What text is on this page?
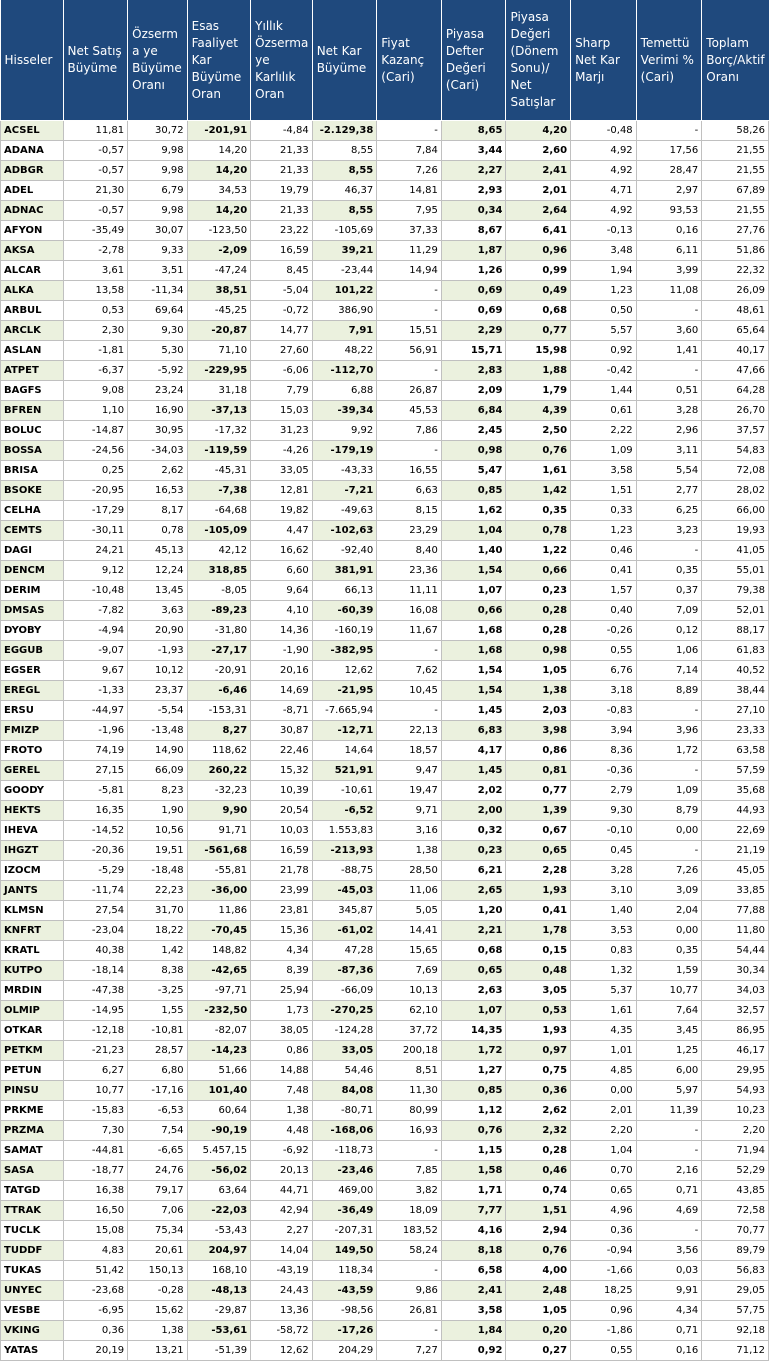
Hisseler	Net Satış Büyüme	Özserma ye Büyüme Oranı	Esas Faaliyet Kar Büyüme Oran	Yıllık Özserma ye Karlılık Oran	Net Kar Büyüme	Fiyat Kazanç (Cari)	Piyasa Defter Değeri (Cari)	Piyasa Değeri (Dönem Sonu)/ Net Satışlar	Sharp Net Kar Marjı	Temettü Verimi % (Cari)	Toplam Borç/Aktif Oranı
ACSEL	11,81	30,72	-201,91	-4,84	-2.129,38	-	8,65	4,20	-0,48	-	58,26
ADANA	-0,57	9,98	14,20	21,33	8,55	7,84	3,44	2,60	4,92	17,56	21,55
ADBGR	-0,57	9,98	14,20	21,33	8,55	7,26	2,27	2,41	4,92	28,47	21,55
ADEL	21,30	6,79	34,53	19,79	46,37	14,81	2,93	2,01	4,71	2,97	67,89
ADNAC	-0,57	9,98	14,20	21,33	8,55	7,95	0,34	2,64	4,92	93,53	21,55
AFYON	-35,49	30,07	-123,50	23,22	-105,69	37,33	8,67	6,41	-0,13	0,16	27,76
AKSA	-2,78	9,33	-2,09	16,59	39,21	11,29	1,87	0,96	3,48	6,11	51,86
ALCAR	3,61	3,51	-47,24	8,45	-23,44	14,94	1,26	0,99	1,94	3,99	22,32
ALKA	13,58	-11,34	38,51	-5,04	101,22	-	0,69	0,49	1,23	11,08	26,09
ARBUL	0,53	69,64	-45,25	-0,72	386,90	-	0,69	0,68	0,50	-	48,61
ARCLK	2,30	9,30	-20,87	14,77	7,91	15,51	2,29	0,77	5,57	3,60	65,64
ASLAN	-1,81	5,30	71,10	27,60	48,22	56,91	15,71	15,98	0,92	1,41	40,17
ATPET	-6,37	-5,92	-229,95	-6,06	-112,70	-	2,83	1,88	-0,42	-	47,66
BAGFS	9,08	23,24	31,18	7,79	6,88	26,87	2,09	1,79	1,44	0,51	64,28
BFREN	1,10	16,90	-37,13	15,03	-39,34	45,53	6,84	4,39	0,61	3,28	26,70
BOLUC	-14,87	30,95	-17,32	31,23	9,92	7,86	2,45	2,50	2,22	2,96	37,57
BOSSA	-24,56	-34,03	-119,59	-4,26	-179,19	-	0,98	0,76	1,09	3,11	54,83
BRISA	0,25	2,62	-45,31	33,05	-43,33	16,55	5,47	1,61	3,58	5,54	72,08
BSOKE	-20,95	16,53	-7,38	12,81	-7,21	6,63	0,85	1,42	1,51	2,77	28,02
CELHA	-17,29	8,17	-64,68	19,82	-49,63	8,15	1,62	0,35	0,33	6,25	66,00
CEMTS	-30,11	0,78	-105,09	4,47	-102,63	23,29	1,04	0,78	1,23	3,23	19,93
DAGI	24,21	45,13	42,12	16,62	-92,40	8,40	1,40	1,22	0,46	-	41,05
DENCM	9,12	12,24	318,85	6,60	381,91	23,36	1,54	0,66	0,41	0,35	55,01
DERIM	-10,48	13,45	-8,05	9,64	66,13	11,11	1,07	0,23	1,57	0,37	79,38
DMSAS	-7,82	3,63	-89,23	4,10	-60,39	16,08	0,66	0,28	0,40	7,09	52,01
DYOBY	-4,94	20,90	-31,80	14,36	-160,19	11,67	1,68	0,28	-0,26	0,12	88,17
EGGUB	-9,07	-1,93	-27,17	-1,90	-382,95	-	1,68	0,98	0,55	1,06	61,83
EGSER	9,67	10,12	-20,91	20,16	12,62	7,62	1,54	1,05	6,76	7,14	40,52
EREGL	-1,33	23,37	-6,46	14,69	-21,95	10,45	1,54	1,38	3,18	8,89	38,44
ERSU	-44,97	-5,54	-153,31	-8,71	-7.665,94	-	1,45	2,03	-0,83	-	27,10
FMIZP	-1,96	-13,48	8,27	30,87	-12,71	22,13	6,83	3,98	3,94	3,96	23,33
FROTO	74,19	14,90	118,62	22,46	14,64	18,57	4,17	0,86	8,36	1,72	63,58
GEREL	27,15	66,09	260,22	15,32	521,91	9,47	1,45	0,81	-0,36	-	57,59
GOODY	-5,81	8,23	-32,23	10,39	-10,61	19,47	2,02	0,77	2,79	1,09	35,68
HEKTS	16,35	1,90	9,90	20,54	-6,52	9,71	2,00	1,39	9,30	8,79	44,93
IHEVA	-14,52	10,56	91,71	10,03	1.553,83	3,16	0,32	0,67	-0,10	0,00	22,69
IHGZT	-20,36	19,51	-561,68	16,59	-213,93	1,38	0,23	0,65	0,45	-	21,19
IZOCM	-5,29	-18,48	-55,81	21,78	-88,75	28,50	6,21	2,28	3,28	7,26	45,05
JANTS	-11,74	22,23	-36,00	23,99	-45,03	11,06	2,65	1,93	3,10	3,09	33,85
KLMSN	27,54	31,70	11,86	23,81	345,87	5,05	1,20	0,41	1,40	2,04	77,88
KNFRT	-23,04	18,22	-70,45	15,36	-61,02	14,41	2,21	1,78	3,53	0,00	11,80
KRATL	40,38	1,42	148,82	4,34	47,28	15,65	0,68	0,15	0,83	0,35	54,44
KUTPO	-18,14	8,38	-42,65	8,39	-87,36	7,69	0,65	0,48	1,32	1,59	30,34
MRDIN	-47,38	-3,25	-97,71	25,94	-66,09	10,13	2,63	3,05	5,37	10,77	34,03
OLMIP	-14,95	1,55	-232,50	1,73	-270,25	62,10	1,07	0,53	1,61	7,64	32,57
OTKAR	-12,18	-10,81	-82,07	38,05	-124,28	37,72	14,35	1,93	4,35	3,45	86,95
PETKM	-21,23	28,57	-14,23	0,86	33,05	200,18	1,72	0,97	1,01	1,25	46,17
PETUN	6,27	6,80	51,66	14,88	54,46	8,51	1,27	0,75	4,85	6,00	29,95
PINSU	10,77	-17,16	101,40	7,48	84,08	11,30	0,85	0,36	0,00	5,97	54,93
PRKME	-15,83	-6,53	60,64	1,38	-80,71	80,99	1,12	2,62	2,01	11,39	10,23
PRZMA	7,30	7,54	-90,19	4,48	-168,06	16,93	0,76	2,32	2,20	-	2,20
SAMAT	-44,81	-6,65	5.457,15	-6,92	-118,73	-	1,15	0,28	1,04	-	71,94
SASA	-18,77	24,76	-56,02	20,13	-23,46	7,85	1,58	0,46	0,70	2,16	52,29
TATGD	16,38	79,17	63,64	44,71	469,00	3,82	1,71	0,74	0,65	0,71	43,85
TTRAK	16,50	7,06	-22,03	42,94	-36,49	18,09	7,77	1,51	4,96	4,69	72,58
TUCLK	15,08	75,34	-53,43	2,27	-207,31	183,52	4,16	2,94	0,36	-	70,77
TUDDF	4,83	20,61	204,97	14,04	149,50	58,24	8,18	0,76	-0,94	3,56	89,79
TUKAS	51,42	150,13	168,10	-43,19	118,34	-	6,58	4,00	-1,66	0,03	56,83
UNYEC	-23,68	-0,28	-48,13	24,43	-43,59	9,86	2,41	2,48	18,25	9,91	29,05
VESBE	-6,95	15,62	-29,87	13,36	-98,56	26,81	3,58	1,05	0,96	4,34	57,75
VKING	0,36	1,38	-53,61	-58,72	-17,26	-	1,84	0,20	-1,86	0,71	92,18
YATAS	20,19	13,21	-51,39	12,62	204,29	7,27	0,92	0,27	0,55	0,16	71,12
